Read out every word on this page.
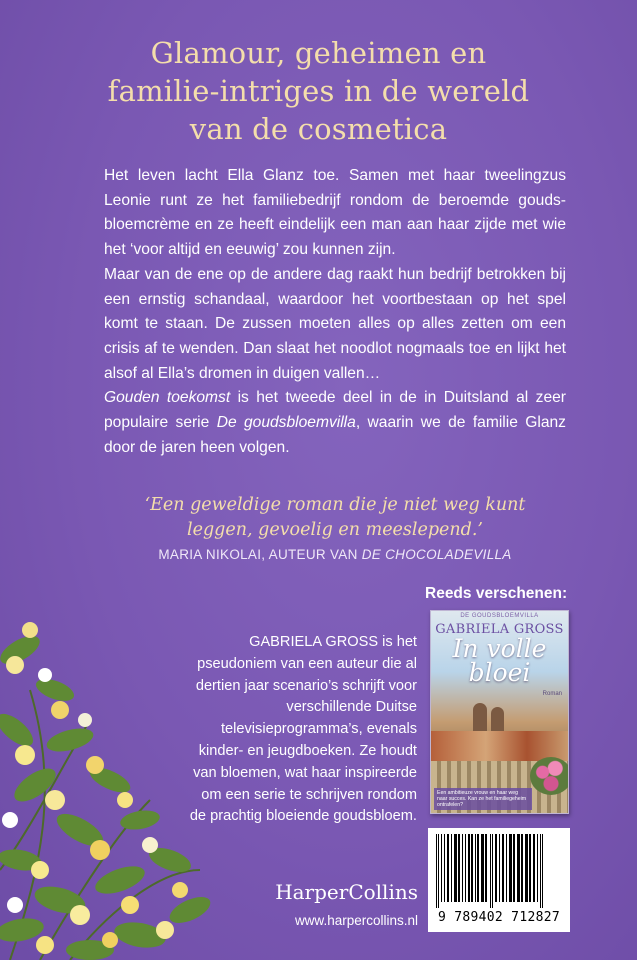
Glamour, geheimen en
familie-intriges in de wereld
van de cosmetica

Het leven lacht Ella Glanz toe. Samen met haar tweelingzus Leonie runt ze het familiebedrijf rondom de beroemde goudsbloemcrème en ze heeft eindelijk een man aan haar zijde met wie het ‘voor altijd en eeuwig’ zou kunnen zijn.

Maar van de ene op de andere dag raakt hun bedrijf betrokken bij een ernstig schandaal, waardoor het voortbestaan op het spel komt te staan. De zussen moeten alles op alles zetten om een crisis af te wenden. Dan slaat het noodlot nogmaals toe en lijkt het alsof al Ella’s dromen in duigen vallen…

Gouden toekomst is het tweede deel in de in Duitsland al zeer populaire serie De goudsbloemvilla, waarin we de familie Glanz door de jaren heen volgen.

‘Een geweldige roman die je niet weg kunt
leggen, gevoelig en meeslepend.’
MARIA NIKOLAI, AUTEUR VAN DE CHOCOLADEVILLA

GABRIELA GROSS is het pseudoniem van een auteur die al dertien jaar scenario’s schrijft voor verschillende Duitse televisieprogramma’s, evenals kinder- en jeugdboeken. Ze houdt van bloemen, wat haar inspireerde om een serie te schrijven rondom de prachtig bloeiende goudsbloem.

Reeds verschenen:
DE GOUDSBLOEMVILLA
GABRIELA GROSS
In volle
bloei
Roman
Een ambitieuze vrouw en haar weg naar succes. Kan ze het familiegeheim ontrafelen?
HarperCollins
www.harpercollins.nl	9 789402 712827
